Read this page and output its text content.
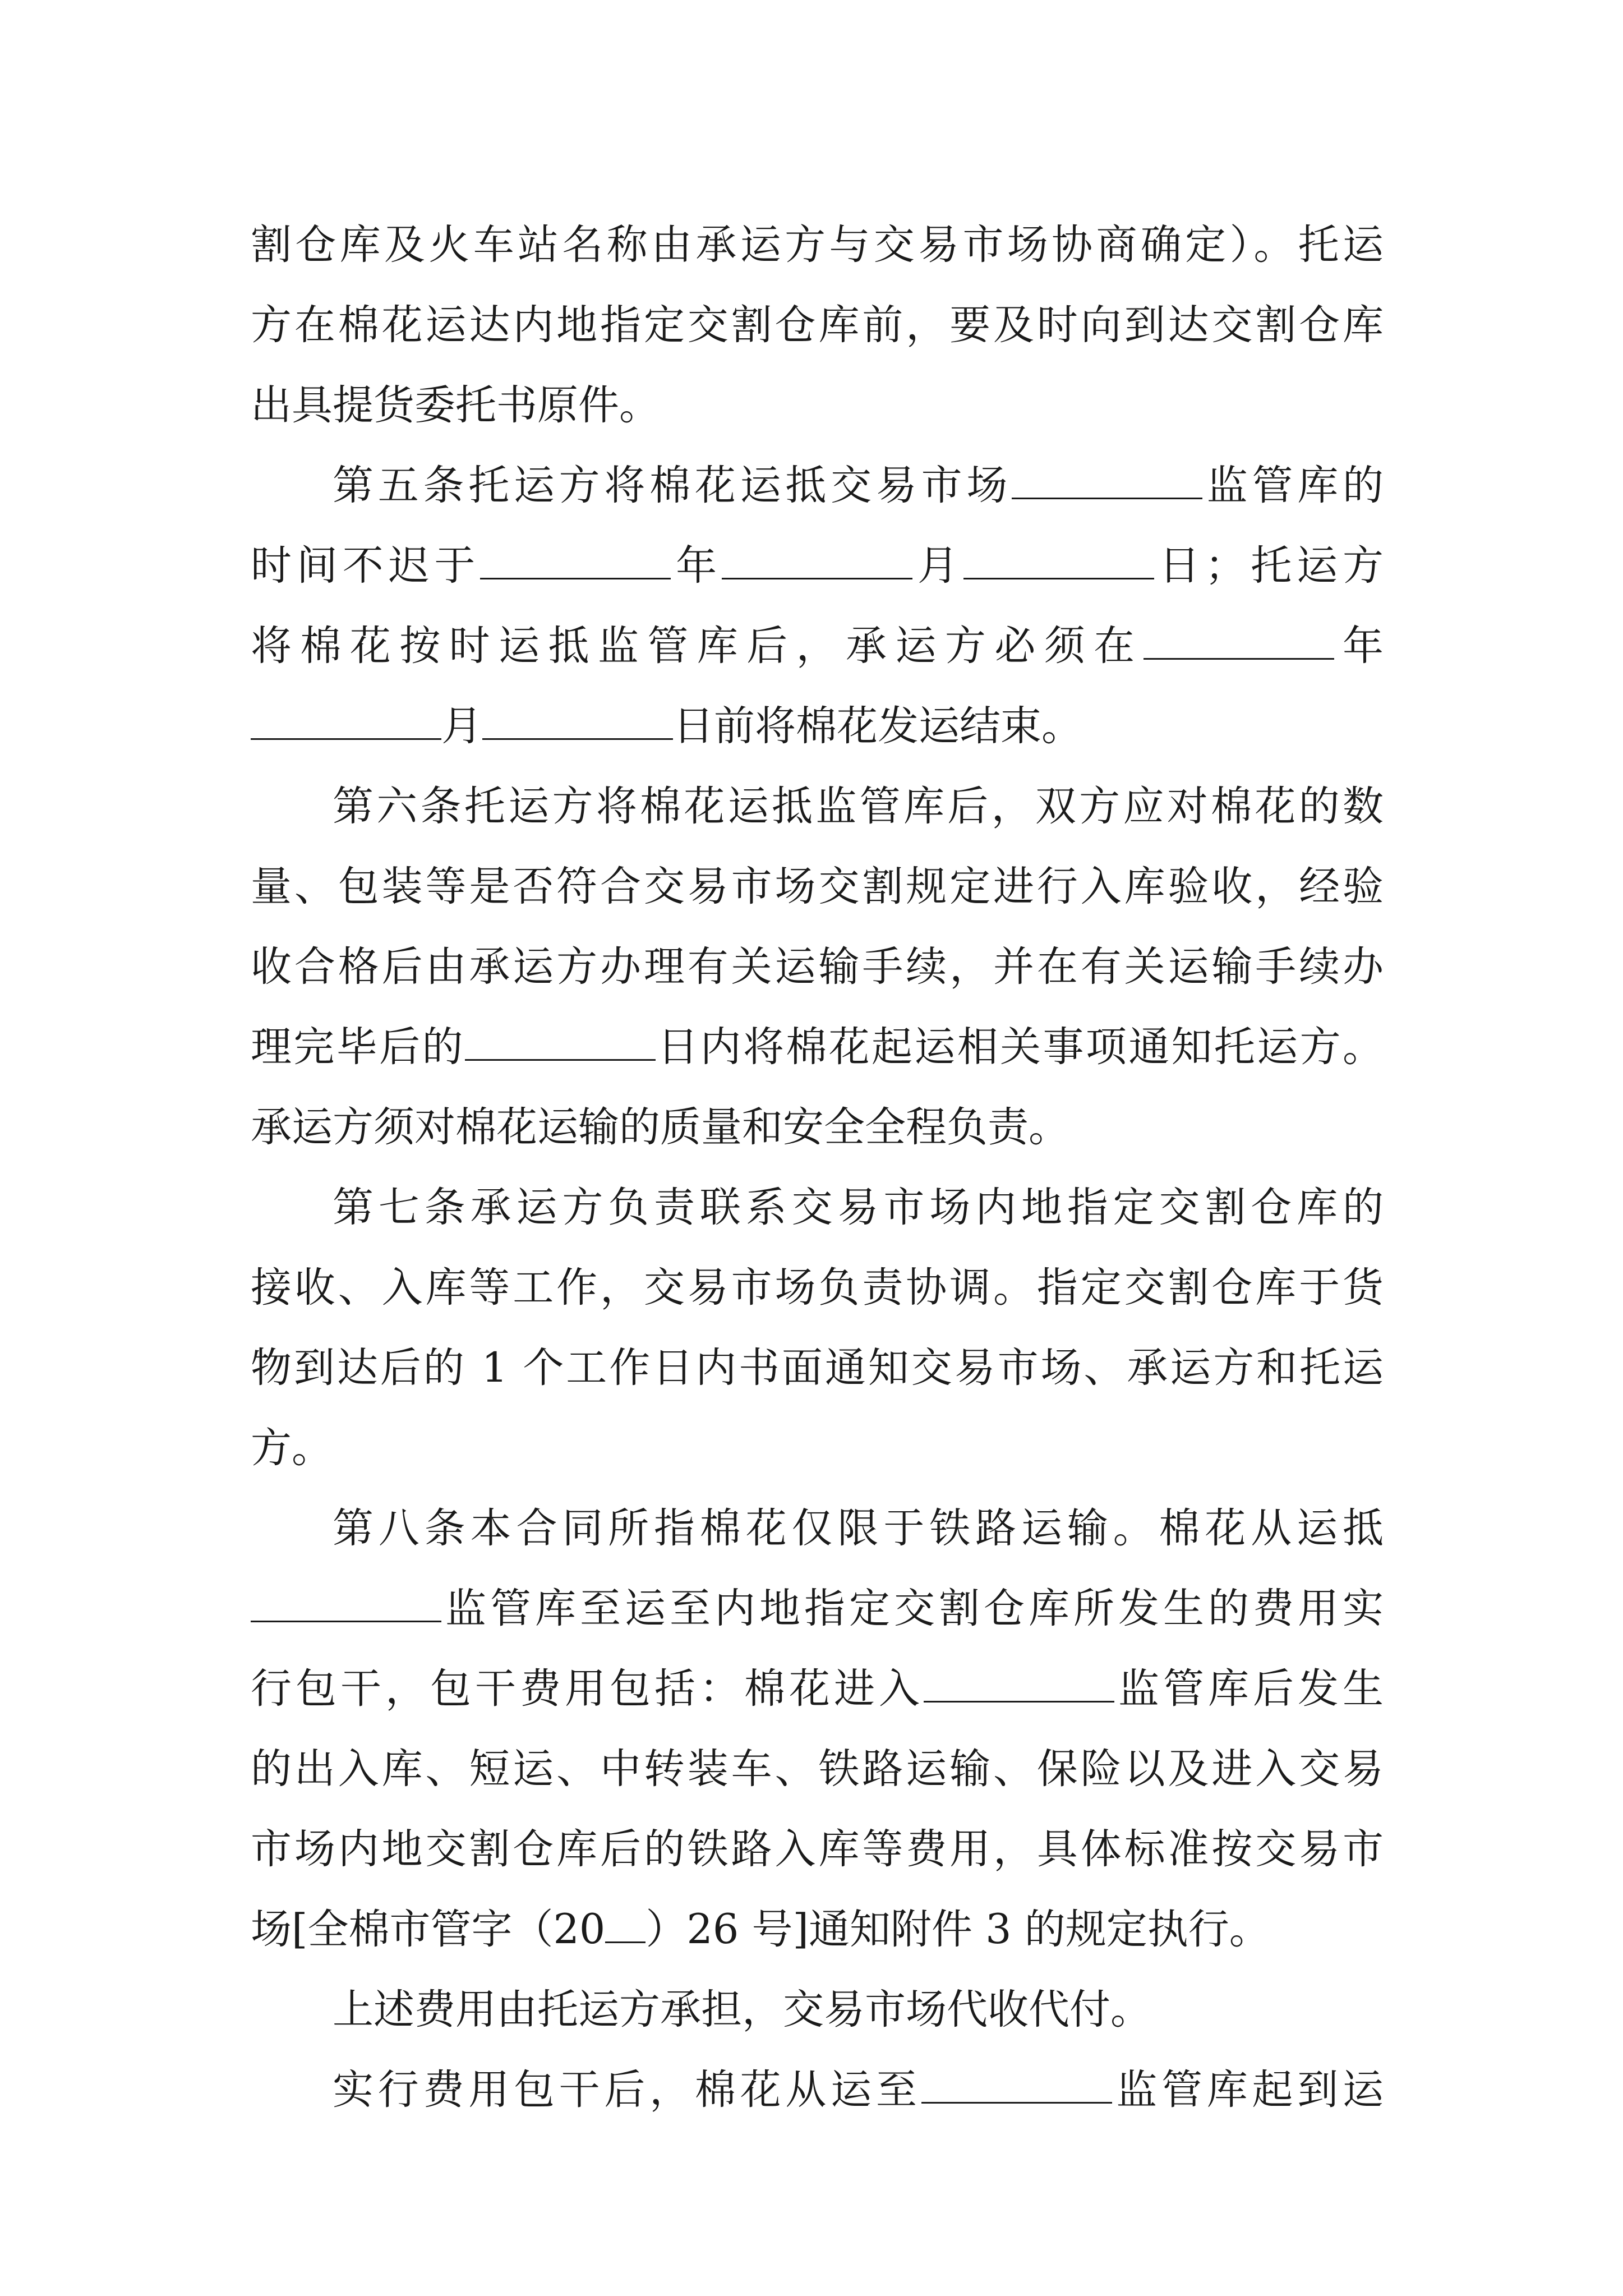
割仓库及火车站名称由承运方与交易市场协商确定）。托运
方在棉花运达内地指定交割仓库前，要及时向到达交割仓库
出具提货委托书原件。
第五条托运方将棉花运抵交易市场	监管库的
时间不迟于	年	月	日；托运方
将棉花按时运抵监管库后，承运方必须在	年
月	日前将棉花发运结束。
第六条托运方将棉花运抵监管库后，双方应对棉花的数
量、包装等是否符合交易市场交割规定进行入库验收，经验
收合格后由承运方办理有关运输手续，并在有关运输手续办
理完毕后的	日内将棉花起运相关事项通知托运方。
承运方须对棉花运输的质量和安全全程负责。
第七条承运方负责联系交易市场内地指定交割仓库的
接收、入库等工作，交易市场负责协调。指定交割仓库于货
物到达后的 1 个工作日内书面通知交易市场、承运方和托运
方。
第八条本合同所指棉花仅限于铁路运输。棉花从运抵
监管库至运至内地指定交割仓库所发生的费用实
行包干，包干费用包括：棉花进入	监管库后发生
的出入库、短运、中转装车、铁路运输、保险以及进入交易
市场内地交割仓库后的铁路入库等费用，具体标准按交易市
场[全棉市管字（20 ）26 号]通知附件 3 的规定执行。
上述费用由托运方承担，交易市场代收代付。
实行费用包干后，棉花从运至	监管库起到运
